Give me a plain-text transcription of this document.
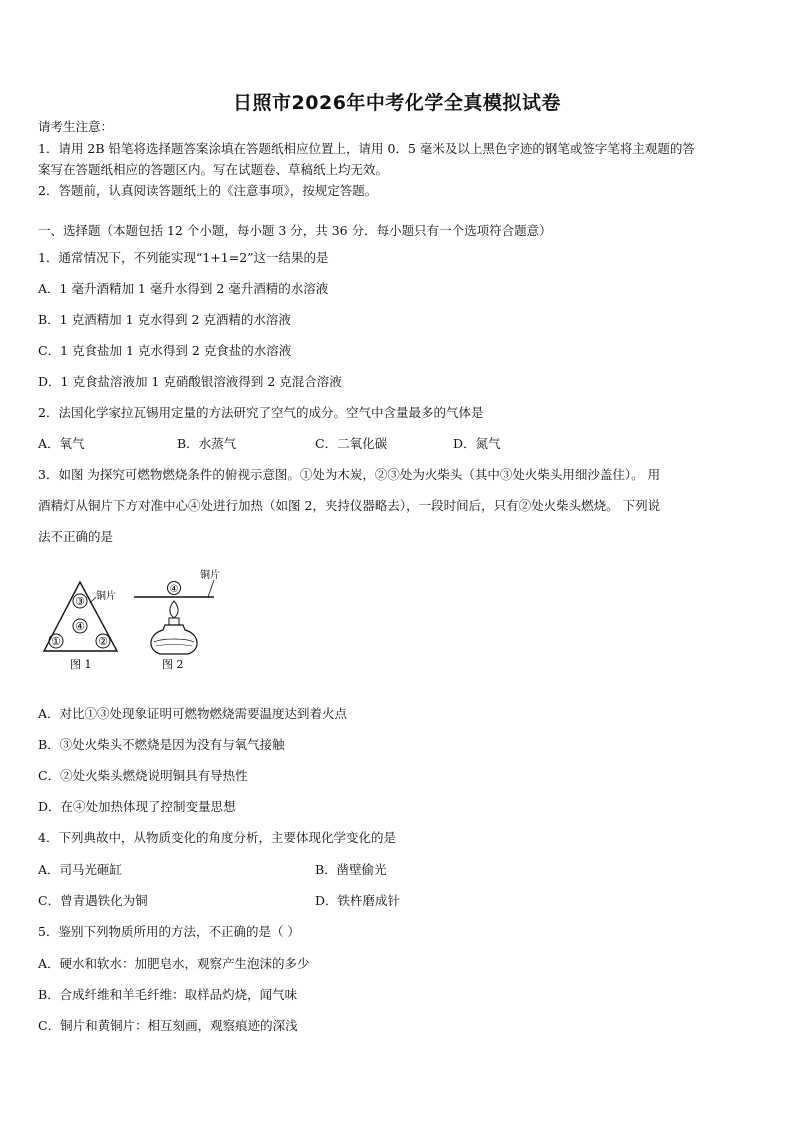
日照市2026年中考化学全真模拟试卷
请考生注意：
1．请用 2B 铅笔将选择题答案涂填在答题纸相应位置上，请用 0．5 毫米及以上黑色字迹的钢笔或签字笔将主观题的答
案写在答题纸相应的答题区内。写在试题卷、草稿纸上均无效。
2．答题前，认真阅读答题纸上的《注意事项》，按规定答题。
一、选择题（本题包括 12 个小题，每小题 3 分，共 36 分．每小题只有一个选项符合题意）
1．通常情况下，不列能实现“1+1=2”这一结果的是
A．1 毫升酒精加 1 毫升水得到 2 毫升酒精的水溶液
B．1 克酒精加 1 克水得到 2 克酒精的水溶液
C．1 克食盐加 1 克水得到 2 克食盐的水溶液
D．1 克食盐溶液加 1 克硝酸银溶液得到 2 克混合溶液
2．法国化学家拉瓦锡用定量的方法研究了空气的成分。空气中含量最多的气体是
A．氧气	B．水蒸气	C．二氧化碳	D．氮气
3．如图 为探究可燃物燃烧条件的俯视示意图。①处为木炭，②③处为火柴头（其中③处火柴头用细沙盖住）。 用
酒精灯从铜片下方对准中心④处进行加热（如图 2，夹持仪器略去），一段时间后，只有②处火柴头燃烧。 下列说
法不正确的是
③
④
①	②
铜片
图 1
铜片
④
图 2
A．对比①③处现象证明可燃物燃烧需要温度达到着火点
B．③处火柴头不燃烧是因为没有与氧气接触
C．②处火柴头燃烧说明铜具有导热性
D．在④处加热体现了控制变量思想
4．下列典故中，从物质变化的角度分析，主要体现化学变化的是
A．司马光砸缸	B．凿壁偷光
C．曾青遇铁化为铜	D．铁杵磨成针
5．鉴别下列物质所用的方法，不正确的是（ ）
A．硬水和软水：加肥皂水，观察产生泡沫的多少
B．合成纤维和羊毛纤维：取样品灼烧，闻气味
C．铜片和黄铜片：相互刻画，观察痕迹的深浅
